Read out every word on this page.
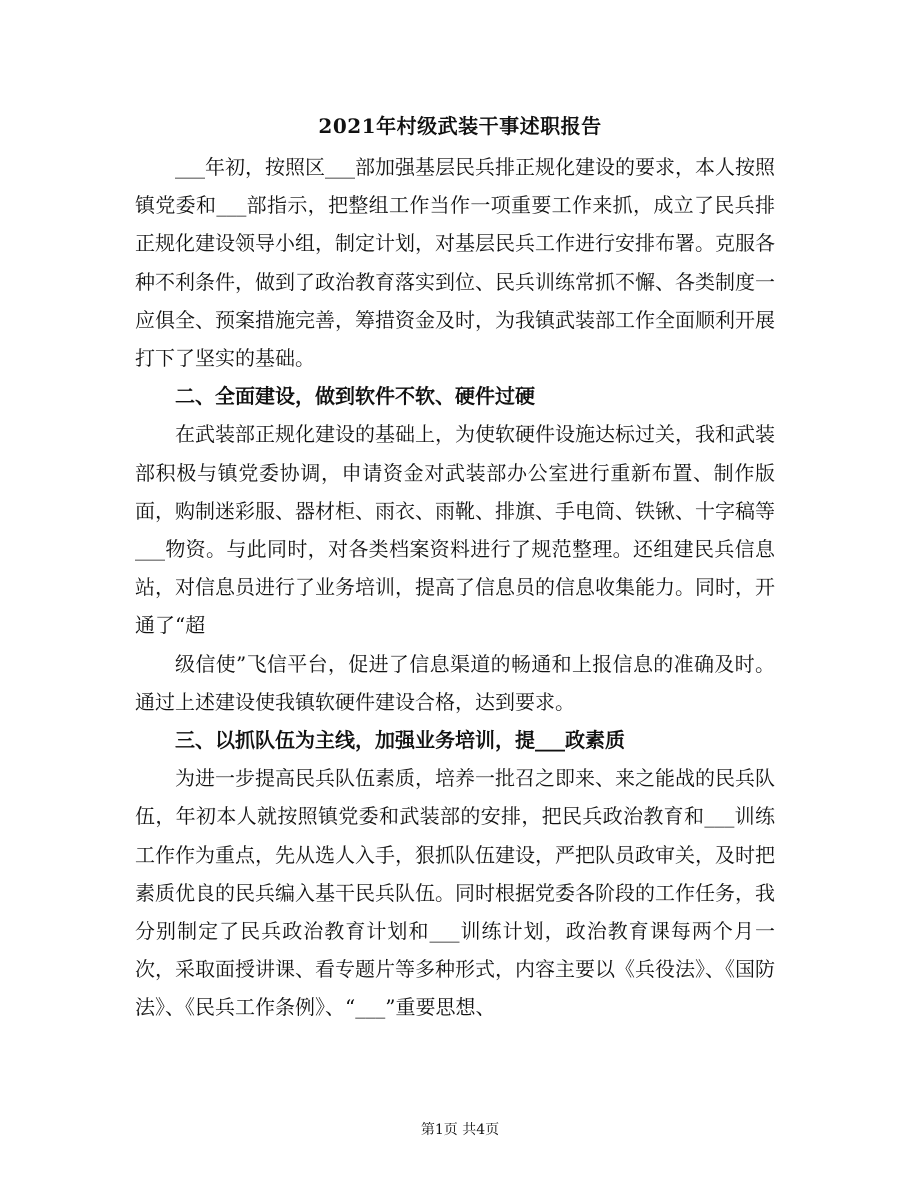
2021年村级武装干事述职报告

___年初，按照区___部加强基层民兵排正规化建设的要求，本人按照镇党委和___部指示，把整组工作当作一项重要工作来抓，成立了民兵排正规化建设领导小组，制定计划，对基层民兵工作进行安排布署。克服各种不利条件，做到了政治教育落实到位、民兵训练常抓不懈、各类制度一应俱全、预案措施完善，筹措资金及时，为我镇武装部工作全面顺利开展打下了坚实的基础。

二、全面建设，做到软件不软、硬件过硬

在武装部正规化建设的基础上，为使软硬件设施达标过关，我和武装部积极与镇党委协调，申请资金对武装部办公室进行重新布置、制作版面，购制迷彩服、器材柜、雨衣、雨靴、排旗、手电筒、铁锹、十字稿等___物资。与此同时，对各类档案资料进行了规范整理。还组建民兵信息站，对信息员进行了业务培训，提高了信息员的信息收集能力。同时，开通了“超

级信使”飞信平台，促进了信息渠道的畅通和上报信息的准确及时。通过上述建设使我镇软硬件建设合格，达到要求。

三、以抓队伍为主线，加强业务培训，提___政素质

为进一步提高民兵队伍素质，培养一批召之即来、来之能战的民兵队伍，年初本人就按照镇党委和武装部的安排，把民兵政治教育和___训练工作作为重点，先从选人入手，狠抓队伍建设，严把队员政审关，及时把素质优良的民兵编入基干民兵队伍。同时根据党委各阶段的工作任务，我分别制定了民兵政治教育计划和___训练计划，政治教育课每两个月一次，采取面授讲课、看专题片等多种形式，内容主要以《兵役法》、《国防法》、《民兵工作条例》、“___”重要思想、

第1页 共4页
